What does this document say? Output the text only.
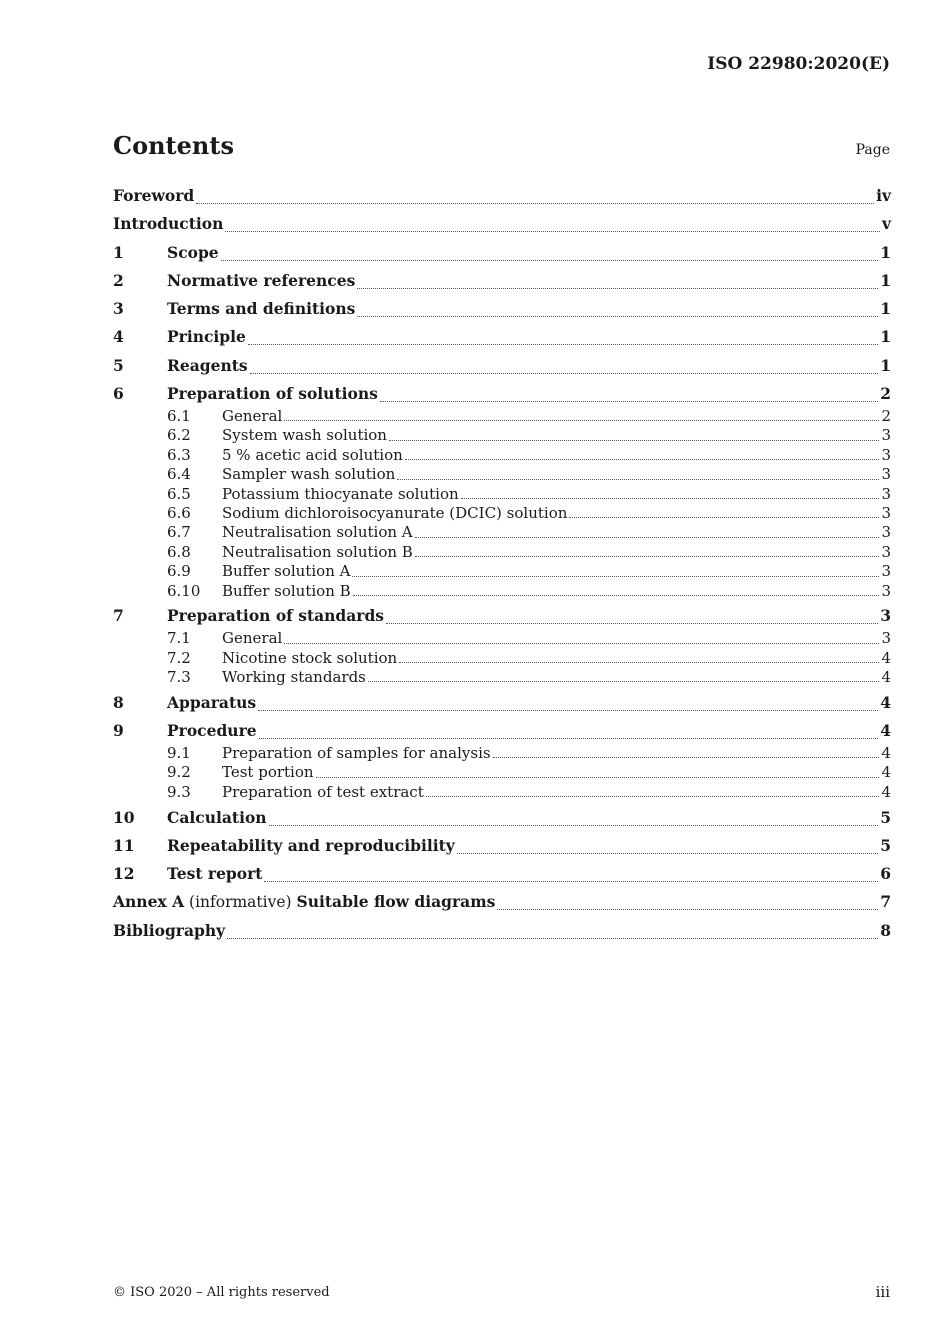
ISO 22980:2020(E)
Contents	Page
Foreword	iv
Introduction	v
1	Scope	1
2	Normative references	1
3	Terms and definitions	1
4	Principle	1
5	Reagents	1
6	Preparation of solutions	2
6.1	General	2
6.2	System wash solution	3
6.3	5 % acetic acid solution	3
6.4	Sampler wash solution	3
6.5	Potassium thiocyanate solution	3
6.6	Sodium dichloroisocyanurate (DCIC) solution	3
6.7	Neutralisation solution A	3
6.8	Neutralisation solution B	3
6.9	Buffer solution A	3
6.10	Buffer solution B	3
7	Preparation of standards	3
7.1	General	3
7.2	Nicotine stock solution	4
7.3	Working standards	4
8	Apparatus	4
9	Procedure	4
9.1	Preparation of samples for analysis	4
9.2	Test portion	4
9.3	Preparation of test extract	4
10	Calculation	5
11	Repeatability and reproducibility	5
12	Test report	6
Annex A (informative) Suitable flow diagrams	7
Bibliography	8
© ISO 2020 – All rights reserved	iii
